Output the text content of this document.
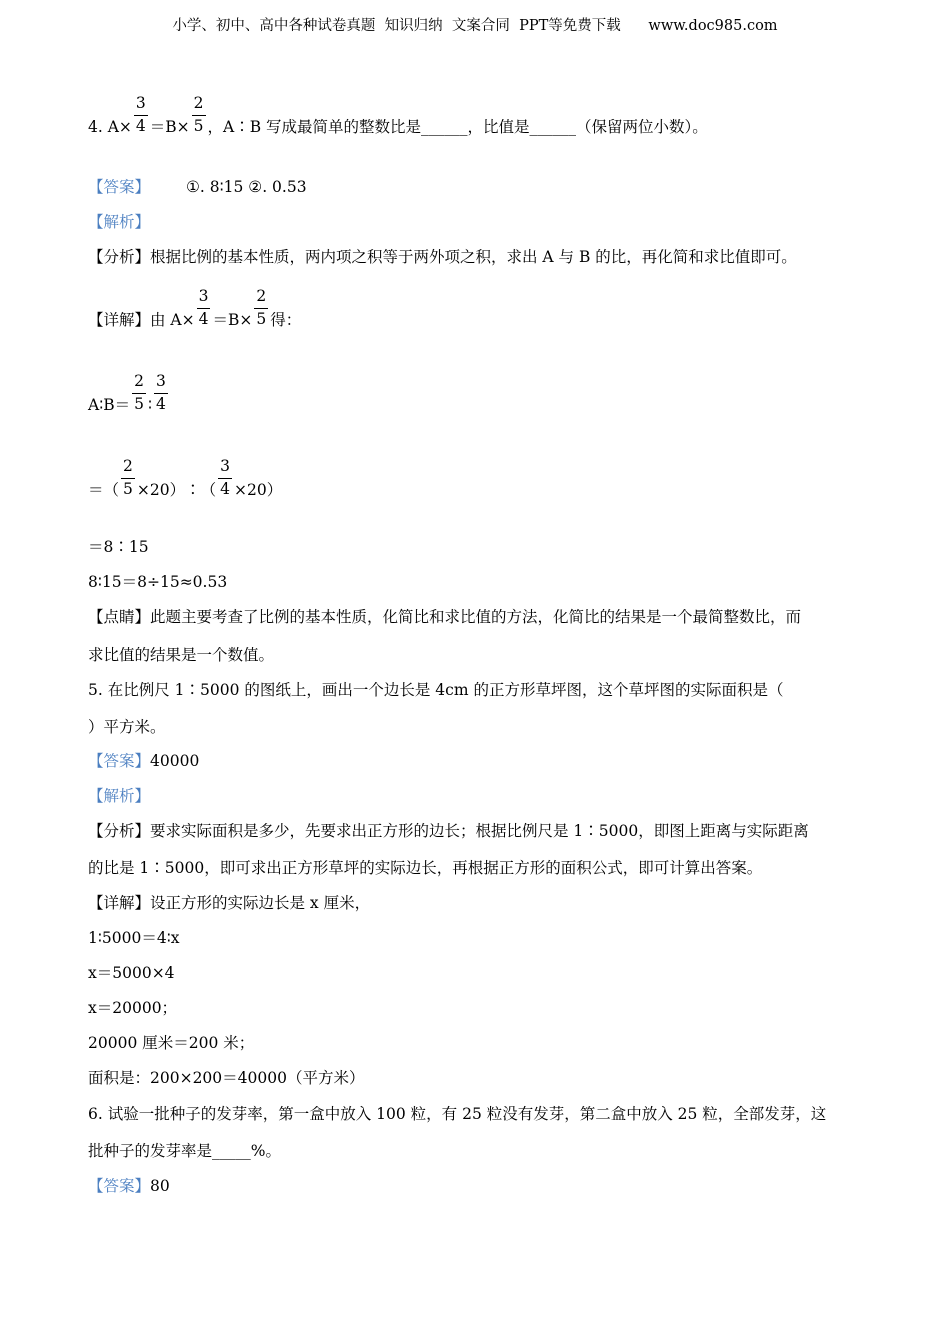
小学、初中、高中各种试卷真题  知识归纳  文案合同  PPT等免费下载      www.doc985.com
4. $A\times \frac{3}{4} =B\times \frac{2}{5}$ ，A∶B 写成最简单的整数比是______，比值是______（保留两位小数）。
【答案】 ①. 8∶15 ②. 0.53
【解析】
【分析】根据比例的基本性质，两内项之积等于两外项之积，求出 A 与 B 的比，再化简和求比值即可。
【详解】由 $A\times \frac{3}{4} =B\times \frac{2}{5}$ 得：
A∶B＝ $\frac{2}{5}$ ∶ $\frac{3}{4}$
＝（ $\frac{2}{5}$ ×20）∶（ $\frac{3}{4} \times 20$）
＝8∶15
8∶15＝8÷15≈0.53
【点睛】此题主要考查了比例的基本性质，化简比和求比值的方法，化简比的结果是一个最简整数比，而
求比值的结果是一个数值。
5. 在比例尺 1∶5000 的图纸上，画出一个边长是 4cm 的正方形草坪图，这个草坪图的实际面积是（
）平方米。
【答案】40000
【解析】
【分析】要求实际面积是多少，先要求出正方形的边长；根据比例尺是 1∶5000，即图上距离与实际距离
的比是 1∶5000，即可求出正方形草坪的实际边长，再根据正方形的面积公式，即可计算出答案。
【详解】设正方形的实际边长是 x 厘米，
1∶5000＝4∶x
x＝5000×4
x＝20000；
20000 厘米＝200 米；
面积是：200×200＝40000（平方米）
6. 试验一批种子的发芽率，第一盒中放入 100 粒，有 25 粒没有发芽，第二盒中放入 25 粒，全部发芽，这
批种子的发芽率是_____%。
【答案】80
